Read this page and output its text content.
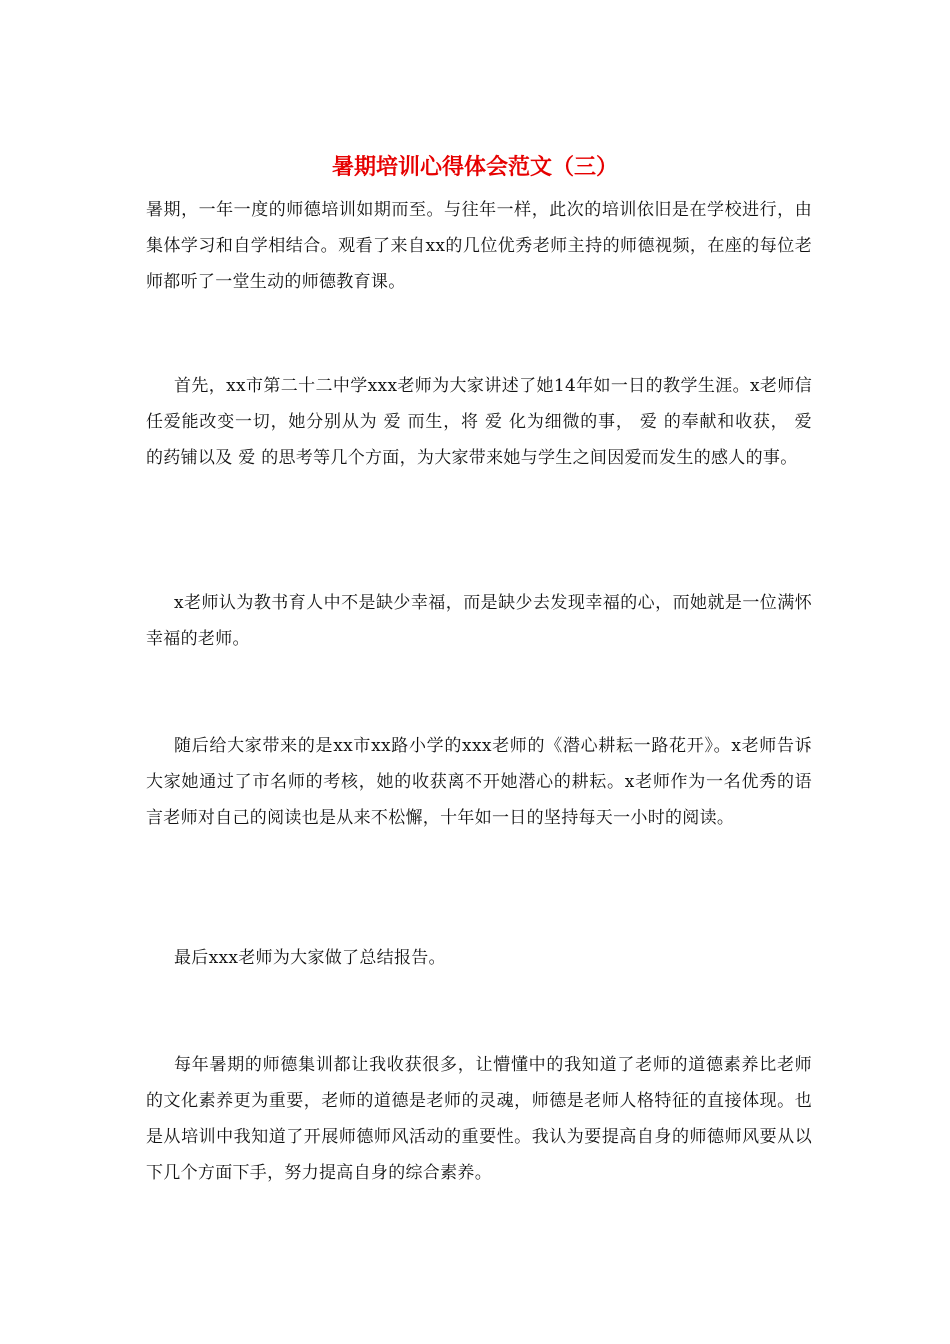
暑期培训心得体会范文（三）

暑期，一年一度的师德培训如期而至。与往年一样，此次的培训依旧是在学校进行，由集体学习和自学相结合。观看了来自xx的几位优秀老师主持的师德视频，在座的每位老师都听了一堂生动的师德教育课。

首先，xx市第二十二中学xxx老师为大家讲述了她14年如一日的教学生涯。x老师信任爱能改变一切，她分别从为 爱 而生，将 爱 化为细微的事， 爱 的奉献和收获， 爱 的药铺以及 爱 的思考等几个方面，为大家带来她与学生之间因爱而发生的感人的事。

x老师认为教书育人中不是缺少幸福，而是缺少去发现幸福的心，而她就是一位满怀幸福的老师。

随后给大家带来的是xx市xx路小学的xxx老师的《潜心耕耘一路花开》。x老师告诉大家她通过了市名师的考核，她的收获离不开她潜心的耕耘。x老师作为一名优秀的语言老师对自己的阅读也是从来不松懈，十年如一日的坚持每天一小时的阅读。

最后xxx老师为大家做了总结报告。

每年暑期的师德集训都让我收获很多，让懵懂中的我知道了老师的道德素养比老师的文化素养更为重要，老师的道德是老师的灵魂，师德是老师人格特征的直接体现。也是从培训中我知道了开展师德师风活动的重要性。我认为要提高自身的师德师风要从以下几个方面下手，努力提高自身的综合素养。
